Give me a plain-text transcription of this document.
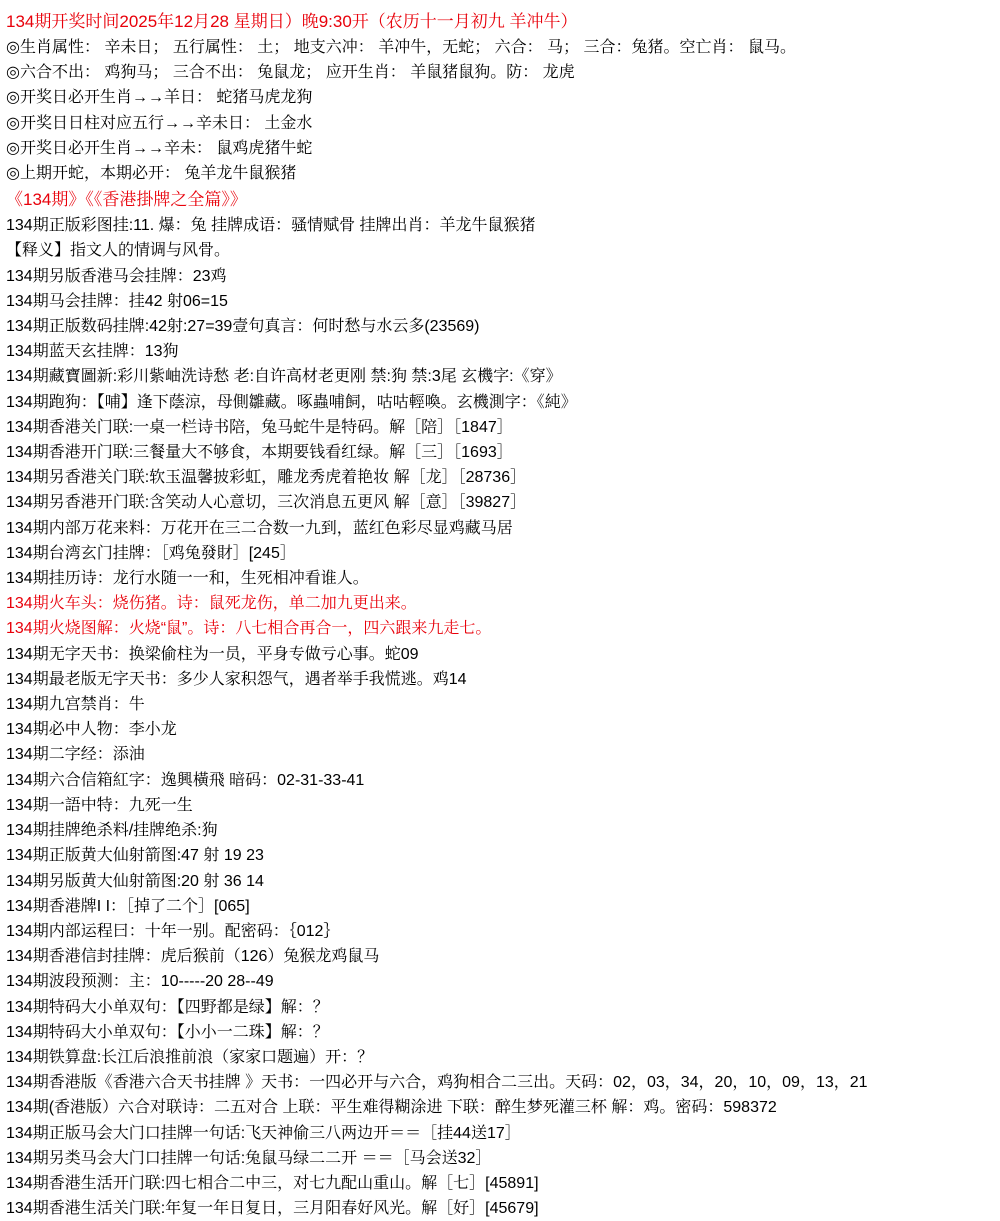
134期开奖时间2025年12月28 星期日）晚9:30开（农历十一月初九 羊冲牛）
◎生肖属性： 辛未日； 五行属性： 土； 地支六冲： 羊冲牛，无蛇； 六合： 马； 三合：兔猪。空亡肖： 鼠马。
◎六合不出： 鸡狗马； 三合不出： 兔鼠龙； 应开生肖： 羊鼠猪鼠狗。防： 龙虎
◎开奖日必开生肖→→羊日： 蛇猪马虎龙狗
◎开奖日日柱对应五行→→辛未日： 土金水
◎开奖日必开生肖→→辛未： 鼠鸡虎猪牛蛇
◎上期开蛇，本期必开： 兔羊龙牛鼠猴猪
《134期》《《香港掛牌之全篇》》
134期正版彩图挂:11. 爆：兔 挂牌成语：骚情赋骨 挂牌出肖：羊龙牛鼠猴猪
【释义】指文人的情调与风骨。
134期另版香港马会挂牌：23鸡
134期马会挂牌：挂42 射06=15
134期正版数码挂牌:42射:27=39壹句真言：何时愁与水云多(23569)
134期蓝天玄挂牌：13狗
134期藏寶圖新:彩川紫岫洗诗愁 老:自许高材老更刚 禁:狗 禁:3尾 玄機字:《穿》
134期跑狗：【哺】逢下蔭涼，母側雛藏。啄蟲哺飼，咕咕輕喚。玄機測字：《純》
134期香港关门联:一桌一栏诗书陪，兔马蛇牛是特码。解［陪］［1847］
134期香港开门联:三餐量大不够食，本期要钱看红绿。解［三］［1693］
134期另香港关门联:软玉温馨披彩虹，雕龙秀虎着艳妆 解［龙］［28736］
134期另香港开门联:含笑动人心意切，三次消息五更风 解［意］［39827］
134期内部万花来料：万花开在三二合数一九到，蓝红色彩尽显鸡藏马居
134期台湾玄门挂牌：［鸡兔發財］[245］
134期挂历诗：龙行水随一一和，生死相冲看谁人。
134期火车头：烧伤猪。诗：鼠死龙伤，单二加九更出来。
134期火烧图解：火烧“鼠”。诗：八七相合再合一，四六跟来九走七。
134期无字天书：换梁偷柱为一员，平身专做亏心事。蛇09
134期最老版无字天书：多少人家积怨气，遇者举手我慌逃。鸡14
134期九宫禁肖：牛
134期必中人物：李小龙
134期二字经：添油
134期六合信箱紅字：逸興橫飛 暗码：02-31-33-41
134期一語中特：九死一生
134期挂牌绝杀料/挂牌绝杀:狗
134期正版黄大仙射箭图:47 射 19 23
134期另版黄大仙射箭图:20 射 36 14
134期香港牌I I：［掉了二个］[065]
134期内部运程曰：十年一别。配密码：｛012｝
134期香港信封挂牌：虎后猴前（126）兔猴龙鸡鼠马
134期波段预测：主：10-----20 28--49
134期特码大小单双句：【四野都是绿】解：？
134期特码大小单双句：【小小一二珠】解：？
134期铁算盘:长江后浪推前浪（家家口题遍）开：？
134期香港版《香港六合天书挂牌 》天书：一四必开与六合，鸡狗相合二三出。天码：02，03，34，20，10，09，13，21
134期(香港版）六合对联诗：二五对合 上联：平生难得糊涂进 下联：醉生梦死灌三杯 解：鸡。密码：598372
134期正版马会大门口挂牌一句话:飞天神偷三八两边开＝＝［挂44送17］
134期另类马会大门口挂牌一句话:兔鼠马绿二二开 ＝＝［马会送32］
134期香港生活开门联:四七相合二中三，对七九配山重山。解［七］[45891]
134期香港生活关门联:年复一年日复日，三月阳春好风光。解［好］[45679]
